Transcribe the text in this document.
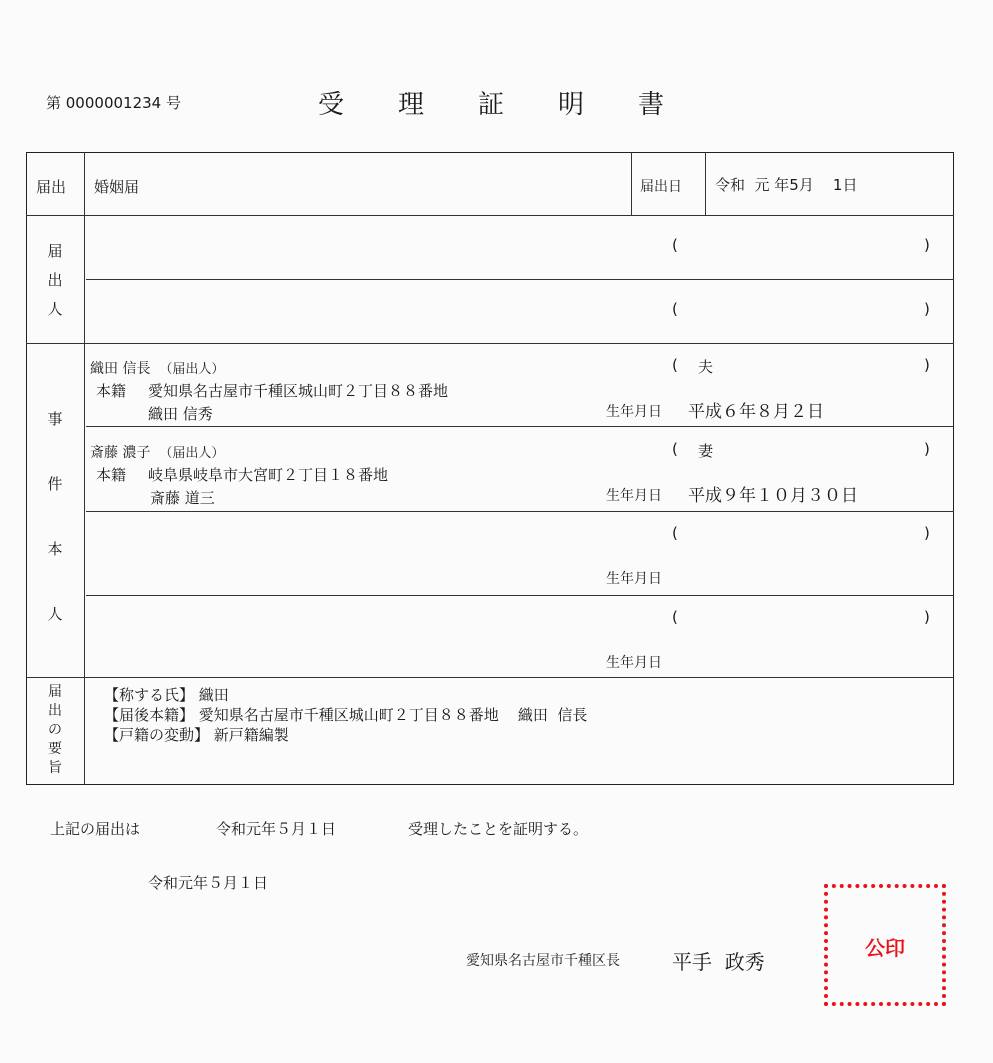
第 0000001234 号	受 理 証 明 書
届出 婚姻届	届出日 令和  元 年5月    1日
届
出
人
(	)
(	)
事
件
本
人
織田 信長 （届出人）	( 夫	)
本籍 愛知県名古屋市千種区城山町２丁目８８番地
織田 信秀	生年月日 平成６年８月２日
斎藤 濃子 （届出人）	( 妻	)
本籍 岐阜県岐阜市大宮町２丁目１８番地
斎藤 道三	生年月日 平成９年１０月３０日
(	)
生年月日
(	)
生年月日
届
出
の
要
旨
【称する氏】 織田
【届後本籍】 愛知県名古屋市千種区城山町２丁目８８番地    織田  信長
【戸籍の変動】 新戸籍編製
上記の届出は	令和元年５月１日	受理したことを証明する。
令和元年５月１日
愛知県名古屋市千種区長	平手  政秀
公印
